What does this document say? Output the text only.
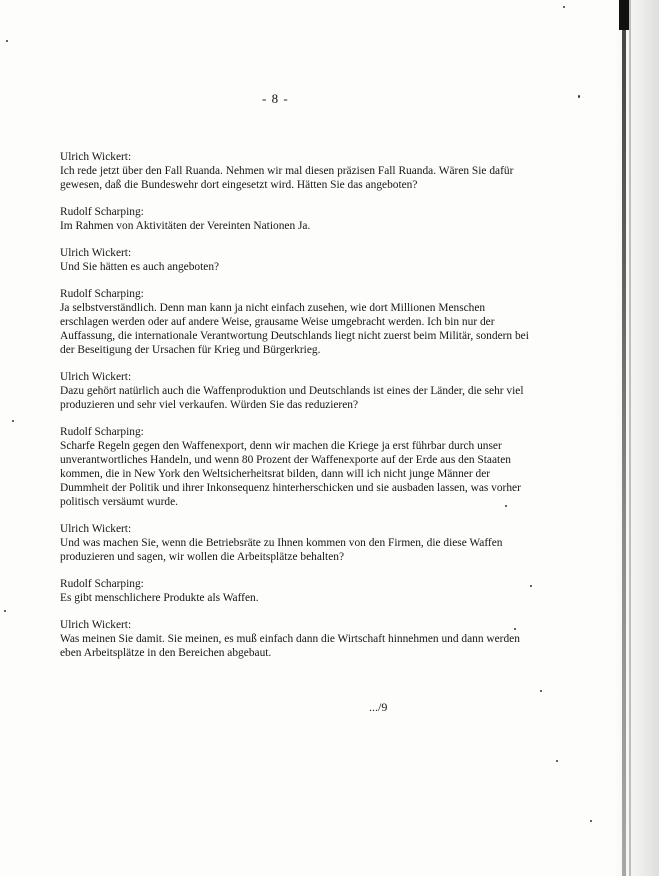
- 8 -
Ulrich Wickert:
Ich rede jetzt über den Fall Ruanda. Nehmen wir mal diesen präzisen Fall Ruanda. Wären Sie dafür gewesen, daß die Bundeswehr dort eingesetzt wird. Hätten Sie das angeboten?
Rudolf Scharping:
Im Rahmen von Aktivitäten der Vereinten Nationen Ja.
Ulrich Wickert:
Und Sie hätten es auch angeboten?
Rudolf Scharping:
Ja selbstverständlich. Denn man kann ja nicht einfach zusehen, wie dort Millionen Menschen erschlagen werden oder auf andere Weise, grausame Weise umgebracht werden. Ich bin nur der Auffassung, die internationale Verantwortung Deutschlands liegt nicht zuerst beim Militär, sondern bei der Beseitigung der Ursachen für Krieg und Bürgerkrieg.
Ulrich Wickert:
Dazu gehört natürlich auch die Waffenproduktion und Deutschlands ist eines der Länder, die sehr viel produzieren und sehr viel verkaufen. Würden Sie das reduzieren?
Rudolf Scharping:
Scharfe Regeln gegen den Waffenexport, denn wir machen die Kriege ja erst führbar durch unser unverantwortliches Handeln, und wenn 80 Prozent der Waffenexporte auf der Erde aus den Staaten kommen, die in New York den Weltsicherheitsrat bilden, dann will ich nicht junge Männer der Dummheit der Politik und ihrer Inkonsequenz hinterherschicken und sie ausbaden lassen, was vorher politisch versäumt wurde.
Ulrich Wickert:
Und was machen Sie, wenn die Betriebsräte zu Ihnen kommen von den Firmen, die diese Waffen produzieren und sagen, wir wollen die Arbeitsplätze behalten?
Rudolf Scharping:
Es gibt menschlichere Produkte als Waffen.
Ulrich Wickert:
Was meinen Sie damit. Sie meinen, es muß einfach dann die Wirtschaft hinnehmen und dann werden eben Arbeitsplätze in den Bereichen abgebaut.
.../9
